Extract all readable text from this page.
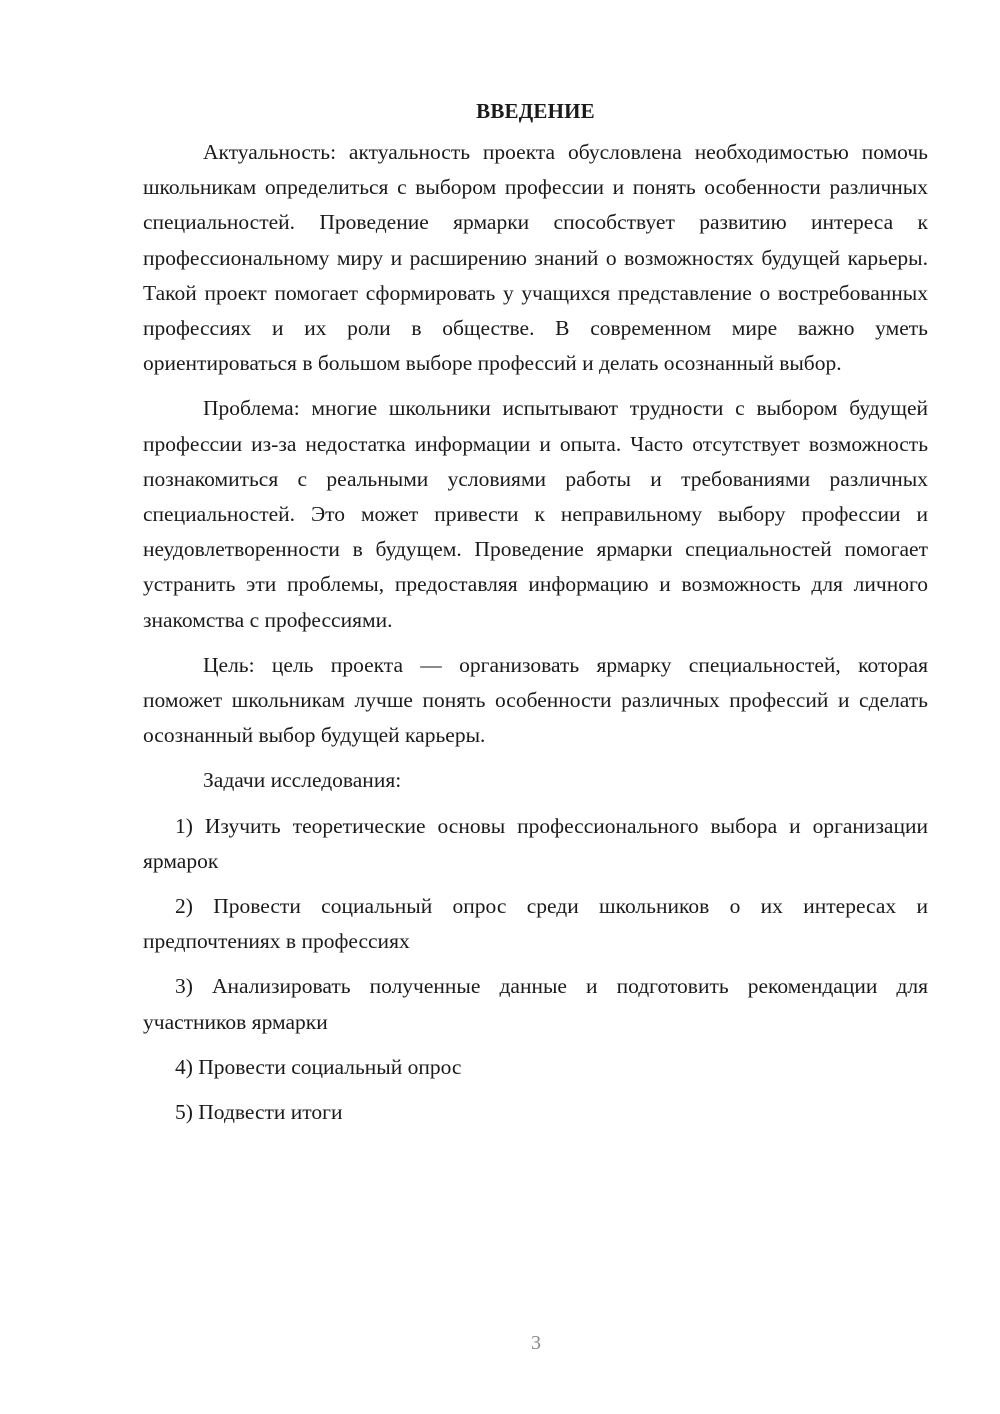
ВВЕДЕНИЕ

Актуальность: актуальность проекта обусловлена необходимостью помочь школьникам определиться с выбором профессии и понять особенности различных специальностей. Проведение ярмарки способствует развитию интереса к профессиональному миру и расширению знаний о возможностях будущей карьеры. Такой проект помогает сформировать у учащихся представление о востребованных профессиях и их роли в обществе. В современном мире важно уметь ориентироваться в большом выборе профессий и делать осознанный выбор.

Проблема: многие школьники испытывают трудности с выбором будущей профессии из-за недостатка информации и опыта. Часто отсутствует возможность познакомиться с реальными условиями работы и требованиями различных специальностей. Это может привести к неправильному выбору профессии и неудовлетворенности в будущем. Проведение ярмарки специальностей помогает устранить эти проблемы, предоставляя информацию и возможность для личного знакомства с профессиями.

Цель: цель проекта — организовать ярмарку специальностей, которая поможет школьникам лучше понять особенности различных профессий и сделать осознанный выбор будущей карьеры.

Задачи исследования:

1) Изучить теоретические основы профессионального выбора и организации ярмарок

2) Провести социальный опрос среди школьников о их интересах и предпочтениях в профессиях

3) Анализировать полученные данные и подготовить рекомендации для участников ярмарки

4) Провести социальный опрос

5) Подвести итоги

3
